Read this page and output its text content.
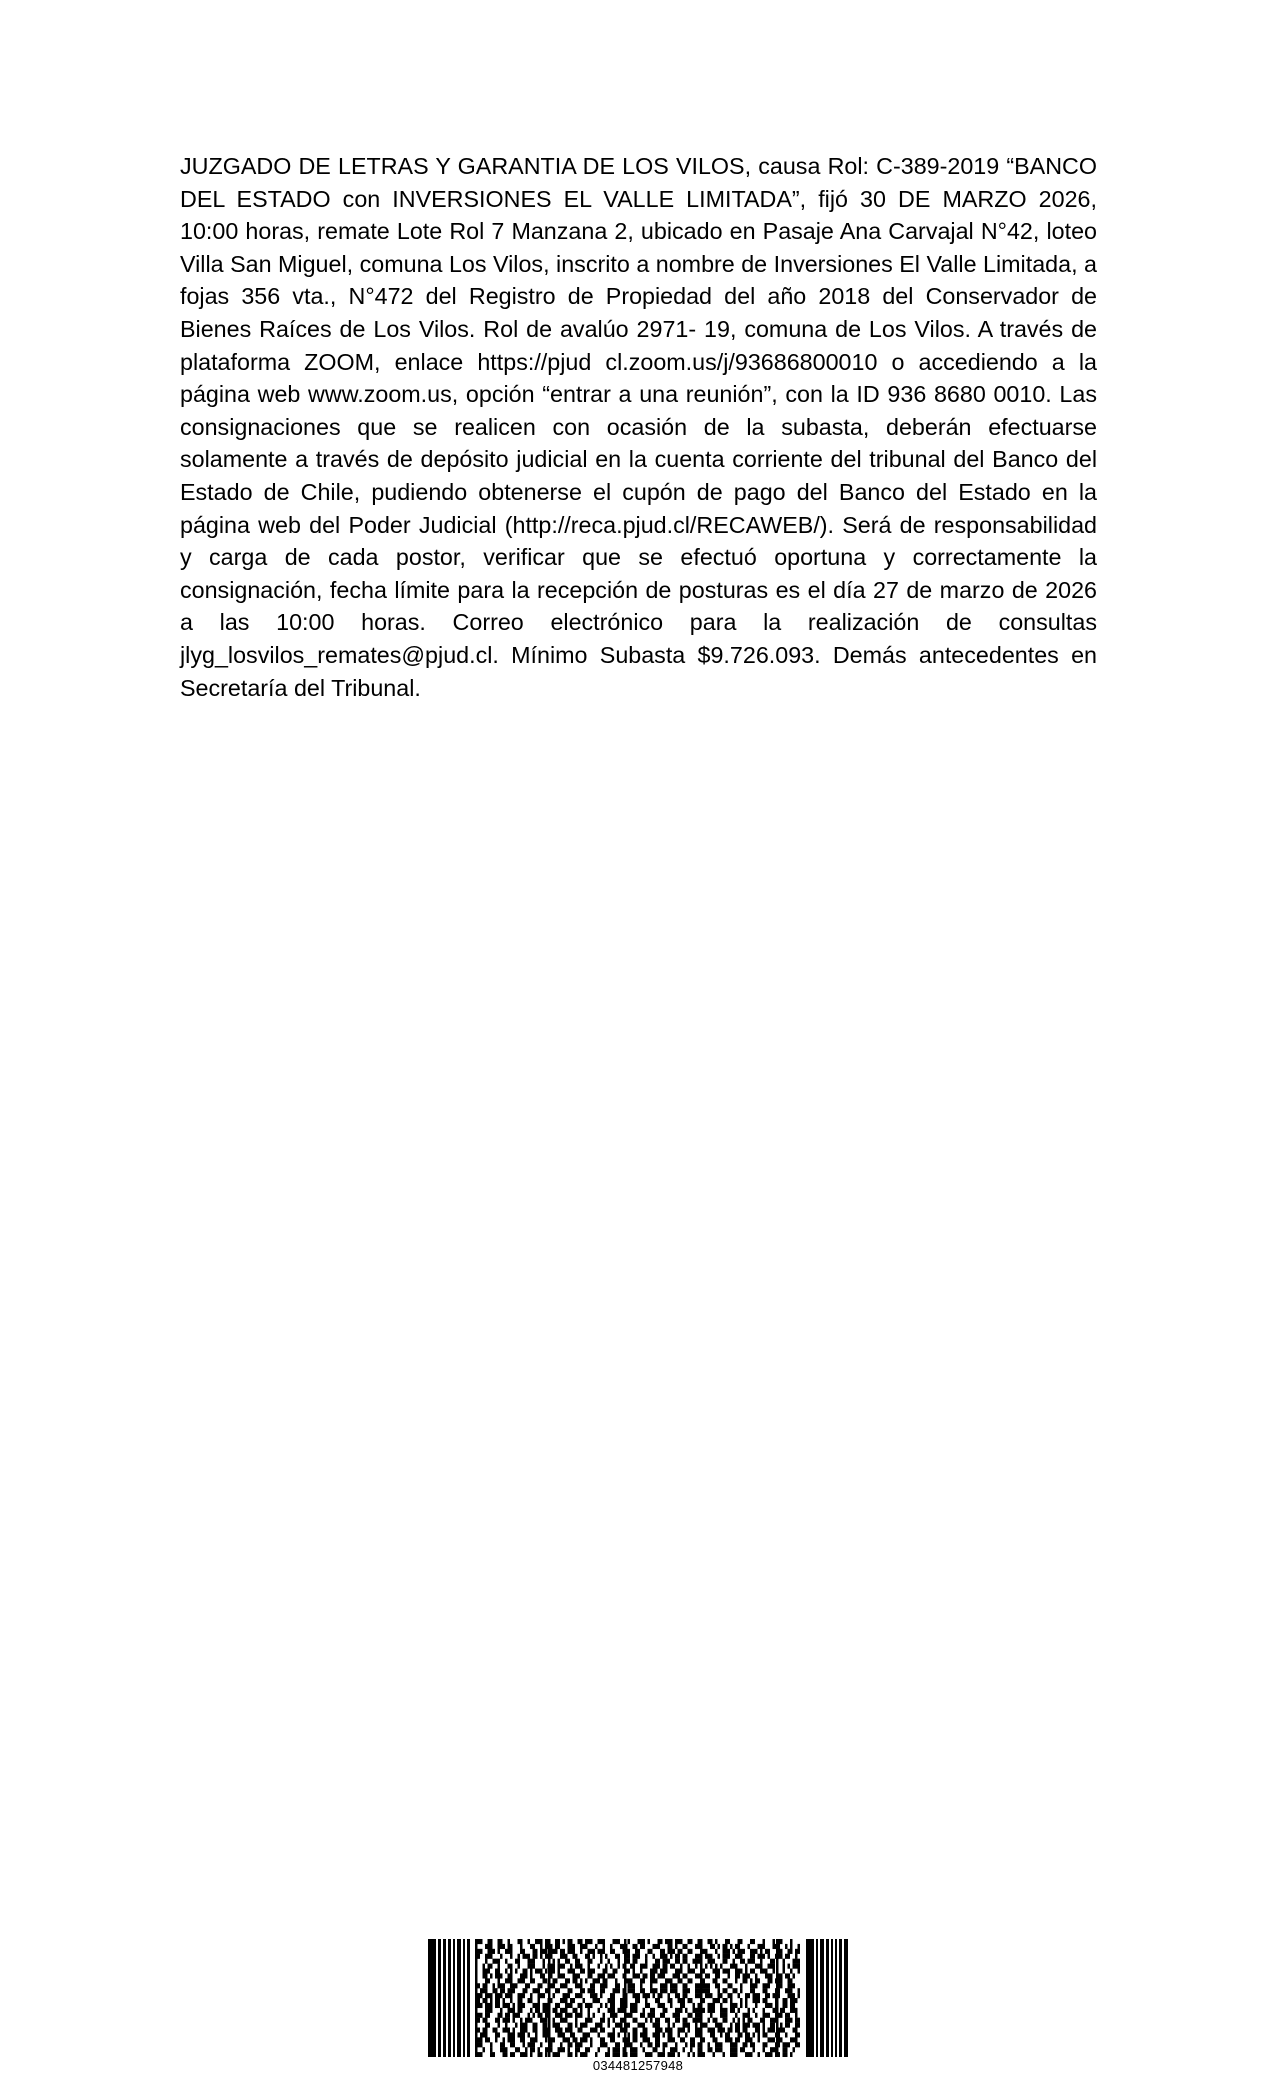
JUZGADO DE LETRAS Y GARANTIA DE LOS VILOS, causa Rol: C-389-2019 “BANCO DEL ESTADO con INVERSIONES EL VALLE LIMITADA”, fijó 30 DE MARZO 2026, 10:00 horas, remate Lote Rol 7 Manzana 2, ubicado en Pasaje Ana Carvajal N°42, loteo Villa San Miguel, comuna Los Vilos, inscrito a nombre de Inversiones El Valle Limitada, a fojas 356 vta., N°472 del Registro de Propiedad del año 2018 del Conservador de Bienes Raíces de Los Vilos. Rol de avalúo 2971- 19, comuna de Los Vilos. A través de plataforma ZOOM, enlace https://pjud cl.zoom.us/j/93686800010 o accediendo a la página web www.zoom.us, opción “entrar a una reunión”, con la ID 936 8680 0010. Las consignaciones que se realicen con ocasión de la subasta, deberán efectuarse solamente a través de depósito judicial en la cuenta corriente del tribunal del Banco del Estado de Chile, pudiendo obtenerse el cupón de pago del Banco del Estado en la página web del Poder Judicial (http://reca.pjud.cl/RECAWEB/). Será de responsabilidad y carga de cada postor, verificar que se efectuó oportuna y correctamente la consignación, fecha límite para la recepción de posturas es el día 27 de marzo de 2026 a las 10:00 horas. Correo electrónico para la realización de consultas jlyg_losvilos_remates@pjud.cl. Mínimo Subasta $9.726.093. Demás antecedentes en Secretaría del Tribunal.

034481257948
